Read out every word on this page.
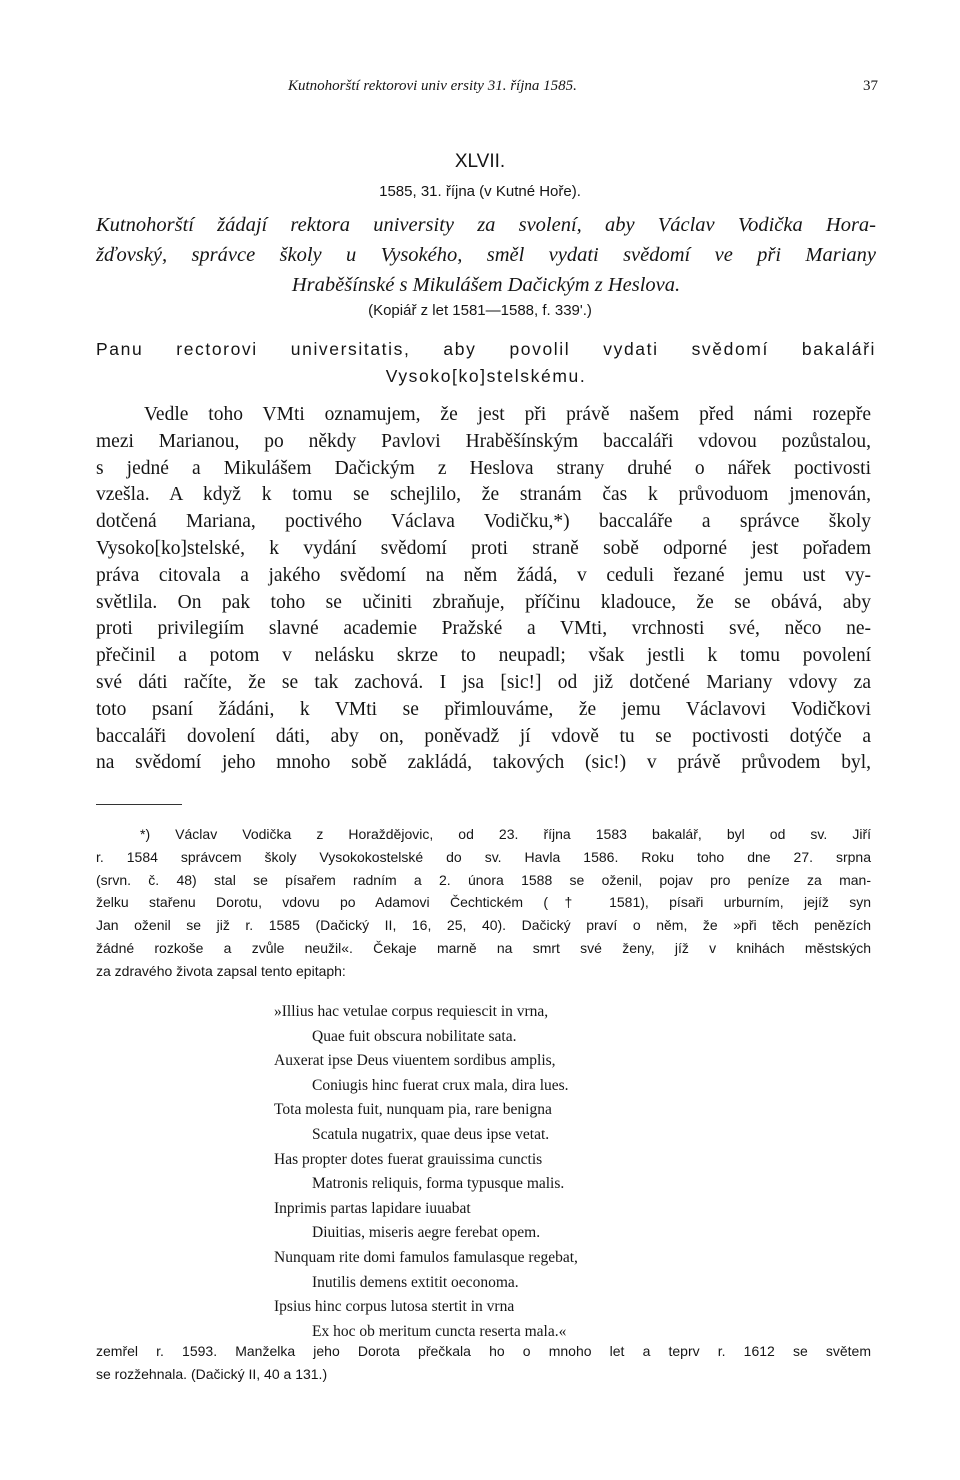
Kutnohorští rektorovi univ ersity 31. října 1585.	37
XLVII.
1585, 31. října (v Kutné Hoře).
Kutnohorští žádají rektora university za svolení, aby Václav Vodička Hora-
žďovský, správce školy u Vysokého, směl vydati svědomí ve při Mariany
Hraběšínské s Mikulášem Dačickým z Heslova.
(Kopiář z let 1581—1588, f. 339'.)
Panu rectorovi universitatis, aby povolil vydati svědomí bakaláři
Vysoko[ko]stelskému.
Vedle toho VMti oznamujem, že jest při právě našem před námi rozepře
mezi Marianou, po někdy Pavlovi Hraběšínským baccaláři vdovou pozůstalou,
s jedné a Mikulášem Dačickým z Heslova strany druhé o nářek poctivosti
vzešla. A když k tomu se schejlilo, že stranám čas k průvoduom jmenován,
dotčená Mariana, poctivého Václava Vodičku,*) baccaláře a správce školy
Vysoko[ko]stelské, k vydání svědomí proti straně sobě odporné jest pořadem
práva citovala a jakého svědomí na něm žádá, v ceduli řezané jemu ust vy-
světlila. On pak toho se učiniti zbraňuje, příčinu kladouce, že se obává, aby
proti privilegiím slavné academie Pražské a VMti, vrchnosti své, něco ne-
přečinil a potom v nelásku skrze to neupadl; však jestli k tomu povolení
své dáti račíte, že se tak zachová. I jsa [sic!] od již dotčené Mariany vdovy za
toto psaní žádáni, k VMti se přimlouváme, že jemu Václavovi Vodičkovi
baccaláři dovolení dáti, aby on, poněvadž jí vdově tu se poctivosti dotýče a
na svědomí jeho mnoho sobě zakládá, takových (sic!) v právě průvodem byl,
*) Václav Vodička z Horaždějovic, od 23. října 1583 bakalář, byl od sv. Jiří
r. 1584 správcem školy Vysokokostelské do sv. Havla 1586. Roku toho dne 27. srpna
(srvn. č. 48) stal se písařem radním a 2. února 1588 se oženil, pojav pro peníze za man-
želku stařenu Dorotu, vdovu po Adamovi Čechtickém († 1581), písaři urburním, jejíž syn
Jan oženil se již r. 1585 (Dačický II, 16, 25, 40). Dačický praví o něm, že »při těch penězích
žádné rozkoše a zvůle neužil«. Čekaje marně na smrt své ženy, jíž v knihách městských
za zdravého života zapsal tento epitaph:
»Illius hac vetulae corpus requiescit in vrna,
Quae fuit obscura nobilitate sata.
Auxerat ipse Deus viuentem sordibus amplis,
Coniugis hinc fuerat crux mala, dira lues.
Tota molesta fuit, nunquam pia, rare benigna
Scatula nugatrix, quae deus ipse vetat.
Has propter dotes fuerat grauissima cunctis
Matronis reliquis, forma typusque malis.
Inprimis partas lapidare iuuabat
Diuitias, miseris aegre ferebat opem.
Nunquam rite domi famulos famulasque regebat,
Inutilis demens extitit oeconoma.
Ipsius hinc corpus lutosa stertit in vrna
Ex hoc ob meritum cuncta reserta mala.«
zemřel r. 1593. Manželka jeho Dorota přečkala ho o mnoho let a teprv r. 1612 se světem
se rozžehnala. (Dačický II, 40 a 131.)
